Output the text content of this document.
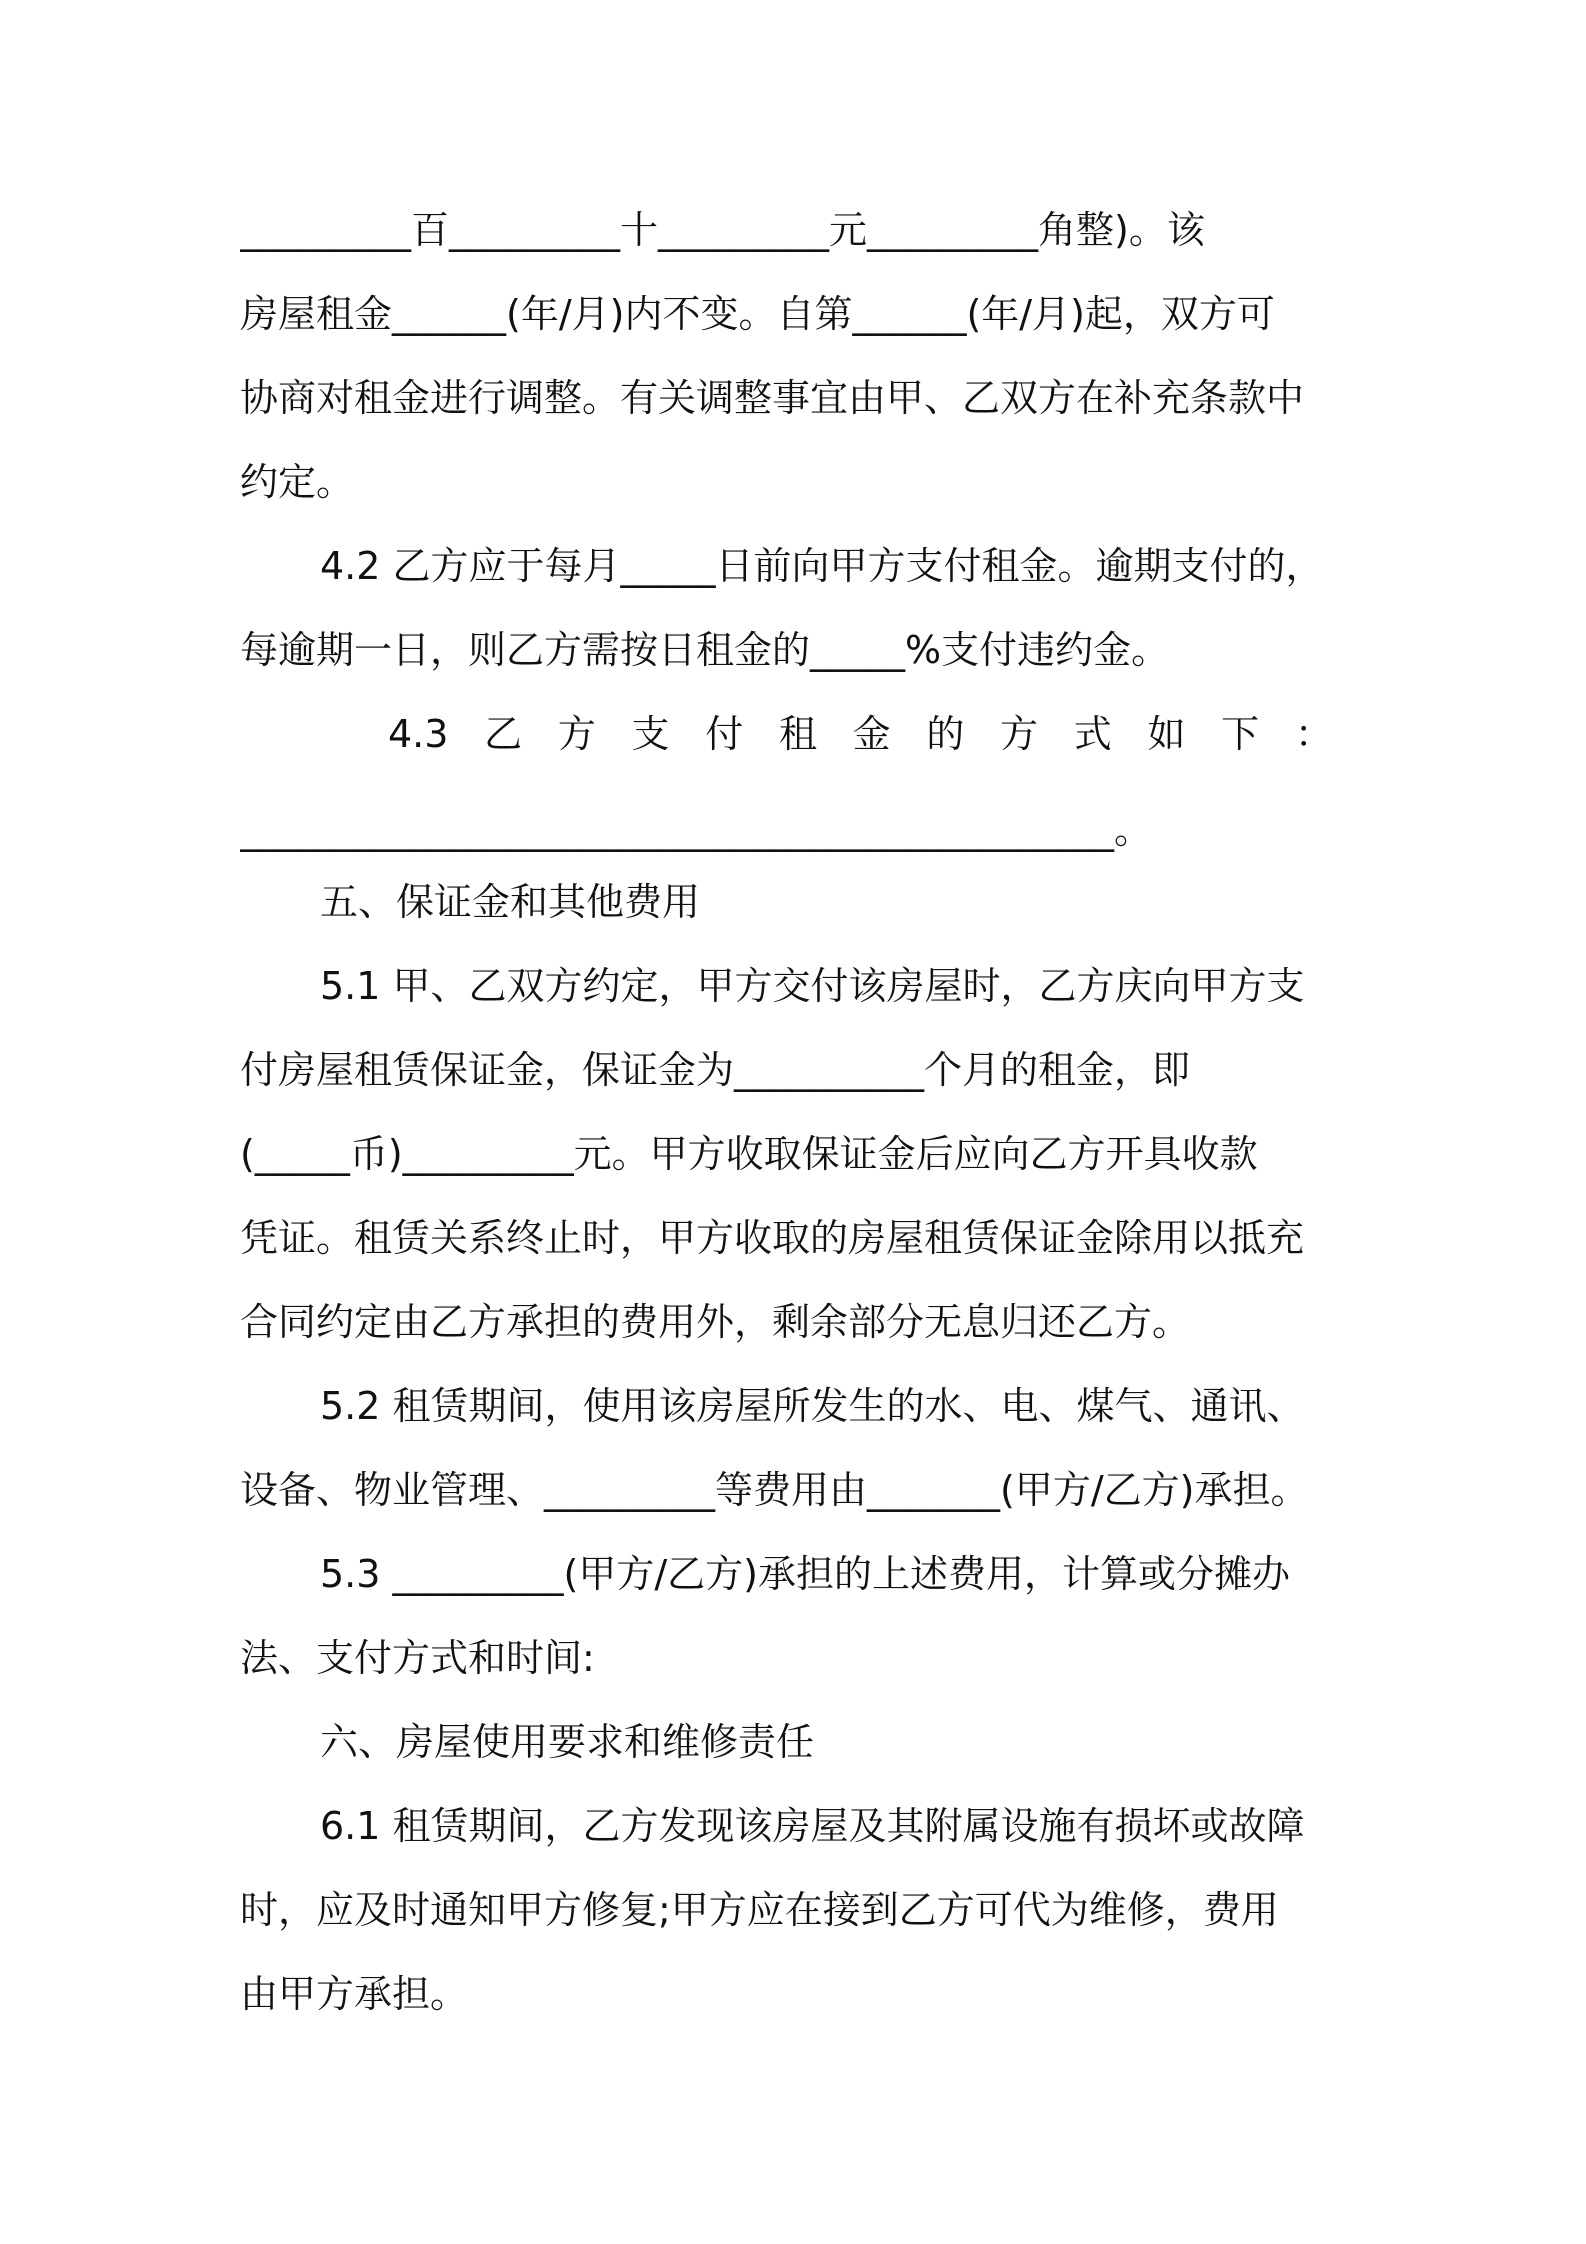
_________百_________十_________元_________角整)。该
房屋租金______(年/月)内不变。自第______(年/月)起，双方可
协商对租金进行调整。有关调整事宜由甲、乙双方在补充条款中
约定。
4.2 乙方应于每月_____日前向甲方支付租金。逾期支付的，
每逾期一日，则乙方需按日租金的_____%支付违约金。
4.3 乙 方 支 付 租 金 的 方 式 如 下 ：
______________________________________________。
五、保证金和其他费用
5.1 甲、乙双方约定，甲方交付该房屋时，乙方庆向甲方支
付房屋租赁保证金，保证金为__________个月的租金，即
(_____币)_________元。甲方收取保证金后应向乙方开具收款
凭证。租赁关系终止时，甲方收取的房屋租赁保证金除用以抵充
合同约定由乙方承担的费用外，剩余部分无息归还乙方。
5.2 租赁期间，使用该房屋所发生的水、电、煤气、通讯、
设备、物业管理、_________等费用由_______(甲方/乙方)承担。
5.3 _________(甲方/乙方)承担的上述费用，计算或分摊办
法、支付方式和时间:
六、房屋使用要求和维修责任
6.1 租赁期间，乙方发现该房屋及其附属设施有损坏或故障
时，应及时通知甲方修复;甲方应在接到乙方可代为维修，费用
由甲方承担。
